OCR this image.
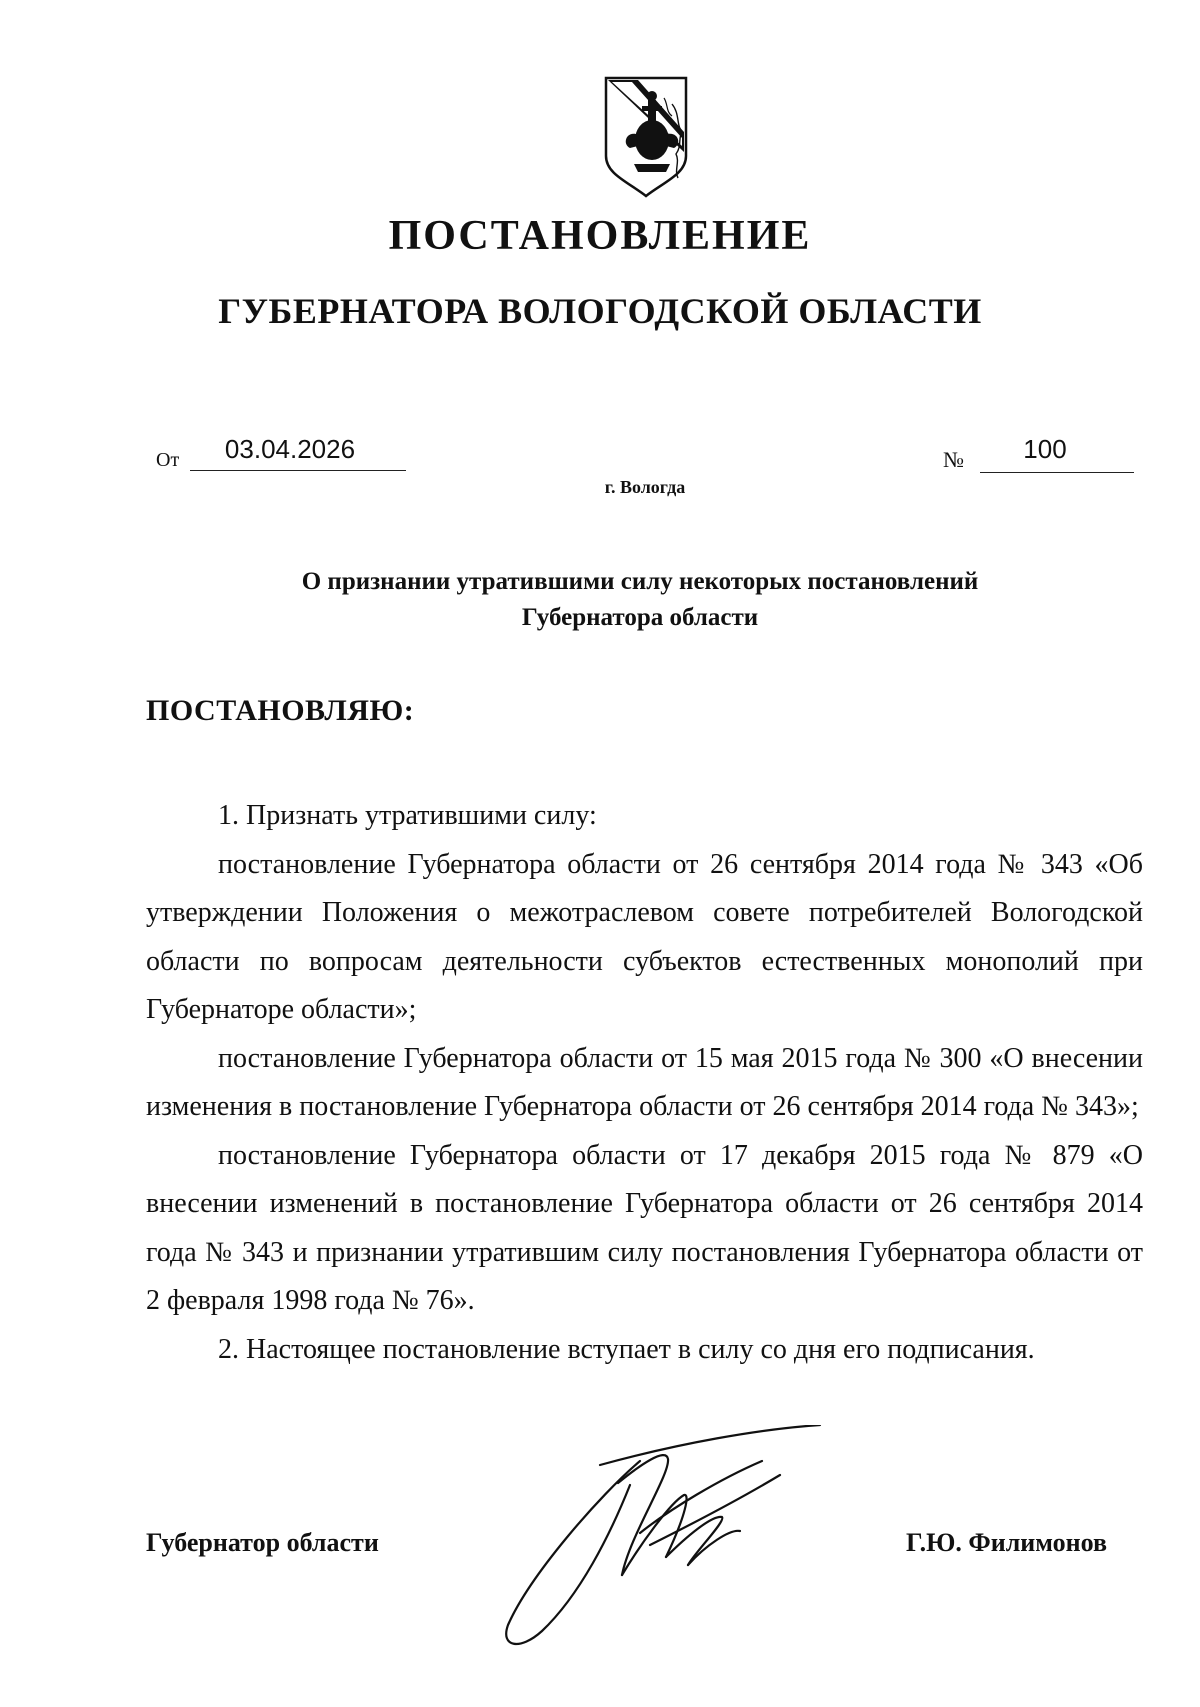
ПОСТАНОВЛЕНИЕ
ГУБЕРНАТОРА ВОЛОГОДСКОЙ ОБЛАСТИ
От	03.04.2026	№	100
г. Вологда
О признании утратившими силу некоторых постановлений
Губернатора области
ПОСТАНОВЛЯЮ:

1. Признать утратившими силу:

постановление Губернатора области от 26 сентября 2014 года № 343 «Об утверждении Положения о межотраслевом совете потребителей Вологодской области по вопросам деятельности субъектов естественных монополий при Губернаторе области»;

постановление Губернатора области от 15 мая 2015 года № 300 «О внесении изменения в постановление Губернатора области от 26 сентября 2014 года № 343»;

постановление Губернатора области от 17 декабря 2015 года № 879 «О внесении изменений в постановление Губернатора области от 26 сентября 2014 года № 343 и признании утратившим силу постановления Губернатора области от 2 февраля 1998 года № 76».

2. Настоящее постановление вступает в силу со дня его подписания.

Губернатор области	Г.Ю. Филимонов
